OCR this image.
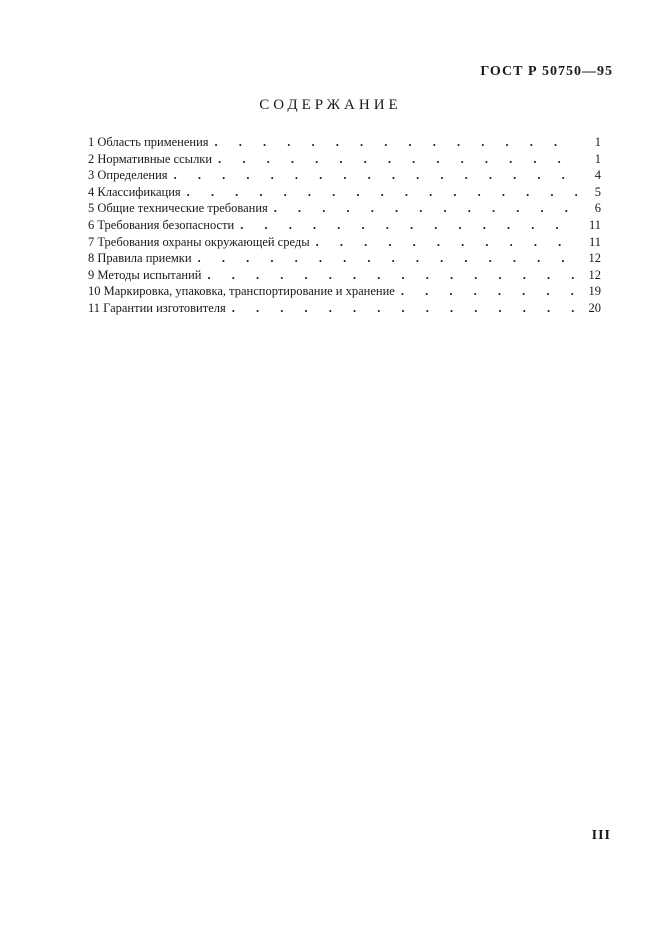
ГОСТ Р 50750—95
СОДЕРЖАНИЕ
1 Область применения . . .	1
2 Нормативные ссылки . . .	1
3 Определения . . .	4
4 Классификация . . .	5
5 Общие технические требования . . .	6
6 Требования безопасности . . .	11
7 Требования охраны окружающей среды . . .	11
8 Правила приемки . . .	12
9 Методы испытаний . . .	12
10 Маркировка, упаковка, транспортирование и хранение . . .	19
11 Гарантии изготовителя . . .	20
III
